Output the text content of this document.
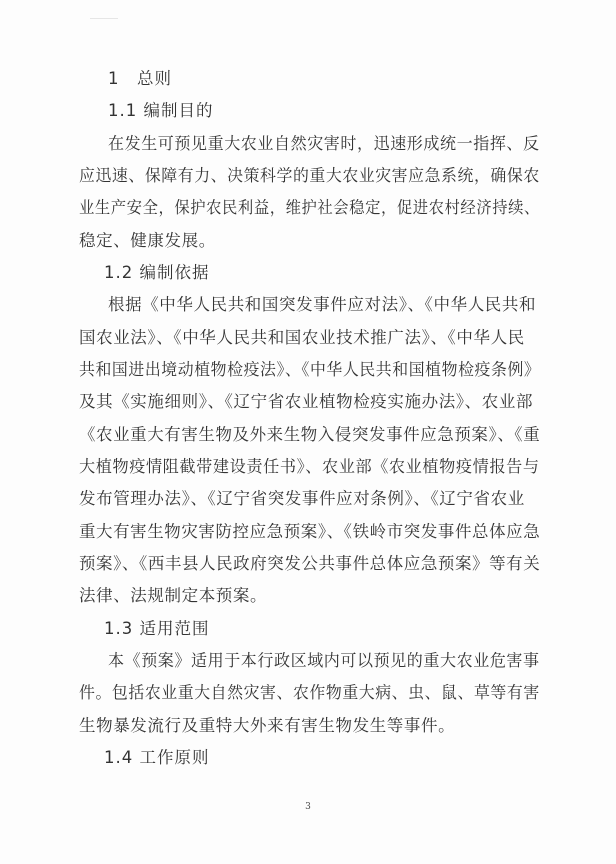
1　总则
1.1 编制目的
在发生可预见重大农业自然灾害时，迅速形成统一指挥、反
应迅速、保障有力、决策科学的重大农业灾害应急系统，确保农
业生产安全，保护农民利益，维护社会稳定，促进农村经济持续、
稳定、健康发展。
1.2 编制依据
根据《中华人民共和国突发事件应对法》、《中华人民共和
国农业法》、《中华人民共和国农业技术推广法》、《中华人民
共和国进出境动植物检疫法》、《中华人民共和国植物检疫条例》
及其《实施细则》、《辽宁省农业植物检疫实施办法》、农业部
《农业重大有害生物及外来生物入侵突发事件应急预案》、《重
大植物疫情阻截带建设责任书》、农业部《农业植物疫情报告与
发布管理办法》、《辽宁省突发事件应对条例》、《辽宁省农业
重大有害生物灾害防控应急预案》、《铁岭市突发事件总体应急
预案》、《西丰县人民政府突发公共事件总体应急预案》等有关
法律、法规制定本预案。
1.3 适用范围
本《预案》适用于本行政区域内可以预见的重大农业危害事
件。包括农业重大自然灾害、农作物重大病、虫、鼠、草等有害
生物暴发流行及重特大外来有害生物发生等事件。
1.4 工作原则
3
